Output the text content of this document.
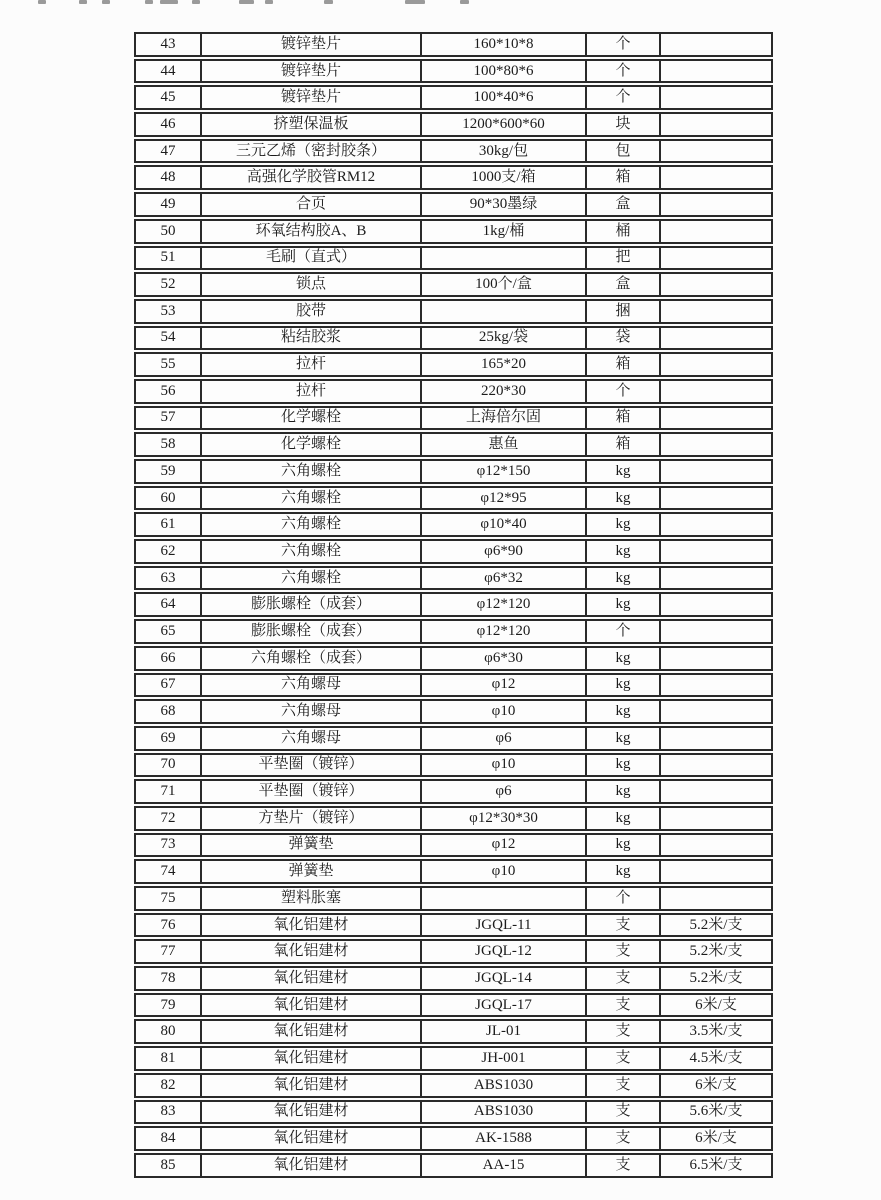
43	镀锌垫片	160*10*8	个	
44	镀锌垫片	100*80*6	个	
45	镀锌垫片	100*40*6	个	
46	挤塑保温板	1200*600*60	块	
47	三元乙烯（密封胶条）	30kg/包	包	
48	高强化学胶管RM12	1000支/箱	箱	
49	合页	90*30墨绿	盒	
50	环氧结构胶A、B	1kg/桶	桶	
51	毛刷（直式）		把	
52	锁点	100个/盒	盒	
53	胶带		捆	
54	粘结胶浆	25kg/袋	袋	
55	拉杆	165*20	箱	
56	拉杆	220*30	个	
57	化学螺栓	上海倍尔固	箱	
58	化学螺栓	惠鱼	箱	
59	六角螺栓	φ12*150	kg	
60	六角螺栓	φ12*95	kg	
61	六角螺栓	φ10*40	kg	
62	六角螺栓	φ6*90	kg	
63	六角螺栓	φ6*32	kg	
64	膨胀螺栓（成套）	φ12*120	kg	
65	膨胀螺栓（成套）	φ12*120	个	
66	六角螺栓（成套）	φ6*30	kg	
67	六角螺母	φ12	kg	
68	六角螺母	φ10	kg	
69	六角螺母	φ6	kg	
70	平垫圈（镀锌）	φ10	kg	
71	平垫圈（镀锌）	φ6	kg	
72	方垫片（镀锌）	φ12*30*30	kg	
73	弹簧垫	φ12	kg	
74	弹簧垫	φ10	kg	
75	塑料胀塞		个	
76	氧化铝建材	JGQL-11	支	5.2米/支
77	氧化铝建材	JGQL-12	支	5.2米/支
78	氧化铝建材	JGQL-14	支	5.2米/支
79	氧化铝建材	JGQL-17	支	6米/支
80	氧化铝建材	JL-01	支	3.5米/支
81	氧化铝建材	JH-001	支	4.5米/支
82	氧化铝建材	ABS1030	支	6米/支
83	氧化铝建材	ABS1030	支	5.6米/支
84	氧化铝建材	AK-1588	支	6米/支
85	氧化铝建材	AA-15	支	6.5米/支
